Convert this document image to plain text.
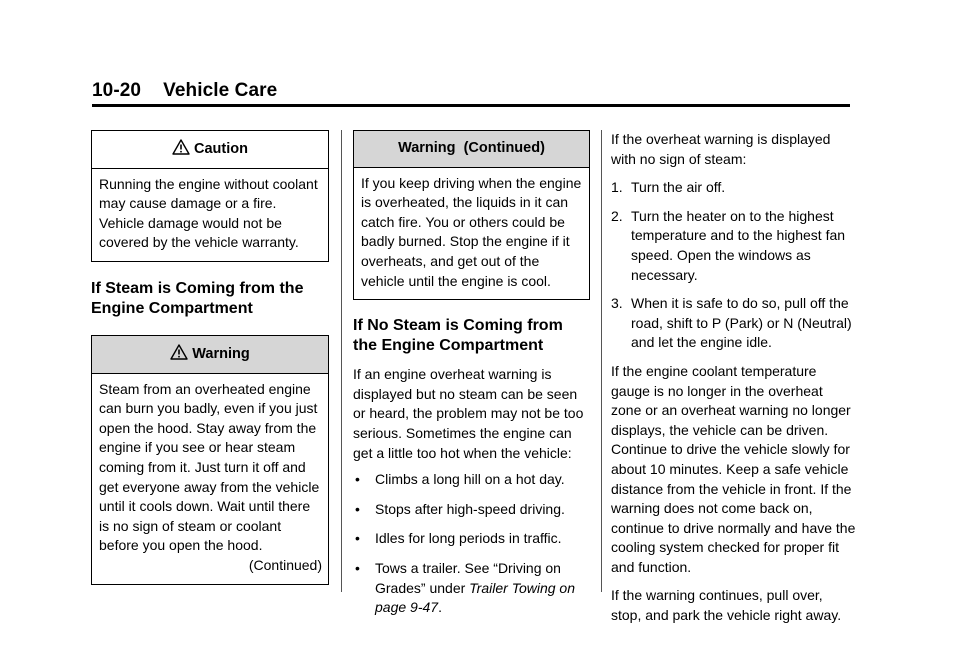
10-20 Vehicle Care
Caution

Running the engine without coolant may cause damage or a fire. Vehicle damage would not be covered by the vehicle warranty.

If Steam is Coming from the Engine Compartment
Warning

Steam from an overheated engine can burn you badly, even if you just open the hood. Stay away from the engine if you see or hear steam coming from it. Just turn it off and get everyone away from the vehicle until it cools down. Wait until there is no sign of steam or coolant before you open the hood.

(Continued)

Warning  (Continued)

If you keep driving when the engine is overheated, the liquids in it can catch fire. You or others could be badly burned. Stop the engine if it overheats, and get out of the vehicle until the engine is cool.

If No Steam is Coming from the Engine Compartment

If an engine overheat warning is displayed but no steam can be seen or heard, the problem may not be too serious. Sometimes the engine can get a little too hot when the vehicle:

• Climbs a long hill on a hot day.
• Stops after high-speed driving.
• Idles for long periods in traffic.
• Tows a trailer. See “Driving on Grades” under Trailer Towing on page 9-47.

If the overheat warning is displayed with no sign of steam:

1. Turn the air off.
2. Turn the heater on to the highest temperature and to the highest fan speed. Open the windows as necessary.
3. When it is safe to do so, pull off the road, shift to P (Park) or N (Neutral) and let the engine idle.

If the engine coolant temperature gauge is no longer in the overheat zone or an overheat warning no longer displays, the vehicle can be driven. Continue to drive the vehicle slowly for about 10 minutes. Keep a safe vehicle distance from the vehicle in front. If the warning does not come back on, continue to drive normally and have the cooling system checked for proper fit and function.

If the warning continues, pull over, stop, and park the vehicle right away.
